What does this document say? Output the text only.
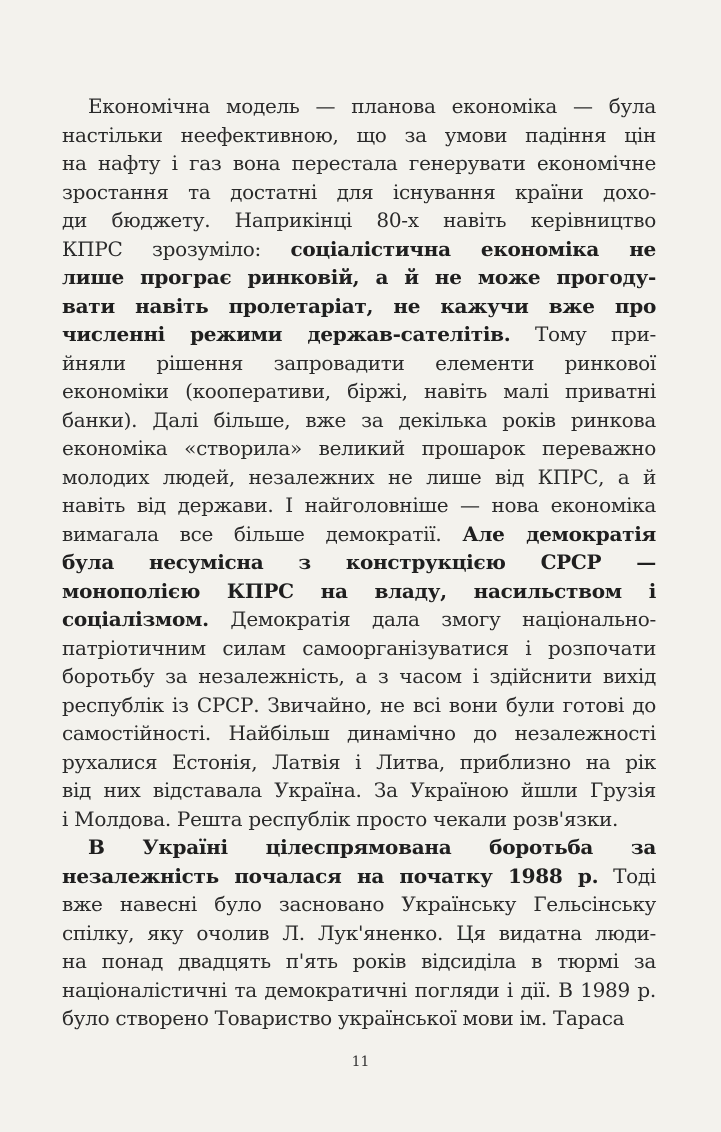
Економічна модель — планова економіка — була
настільки неефективною, що за умови падіння цін
на нафту і газ вона перестала генерувати економічне
зростання та достатні для існування країни дохо-
ди бюджету. Наприкінці 80-х навіть керівництво
КПРС зрозуміло: соціалістична економіка не
лише програє ринковій, а й не може прогоду-
вати навіть пролетаріат, не кажучи вже про
численні режими держав-сателітів. Тому при-
йняли рішення запровадити елементи ринкової
економіки (кооперативи, біржі, навіть малі приватні
банки). Далі більше, вже за декілька років ринкова
економіка «створила» великий прошарок переважно
молодих людей, незалежних не лише від КПРС, а й
навіть від держави. І найголовніше — нова економіка
вимагала все більше демократії. Але демократія
була несумісна з конструкцією СРСР —
монополією КПРС на владу, насильством і
соціалізмом. Демократія дала змогу національно-
патріотичним силам самоорганізуватися і розпочати
боротьбу за незалежність, а з часом і здійснити вихід
республік із СРСР. Звичайно, не всі вони були готові до
самостійності. Найбільш динамічно до незалежності
рухалися Естонія, Латвія і Литва, приблизно на рік
від них відставала Україна. За Україною йшли Грузія
і Молдова. Решта республік просто чекали розв'язки.
В Україні цілеспрямована боротьба за
незалежність почалася на початку 1988 р. Тоді
вже навесні було засновано Українську Гельсінську
спілку, яку очолив Л. Лук'яненко. Ця видатна люди-
на понад двадцять п'ять років відсиділа в тюрмі за
націоналістичні та демократичні погляди і дії. В 1989 р.
було створено Товариство української мови ім. Тараса
11
